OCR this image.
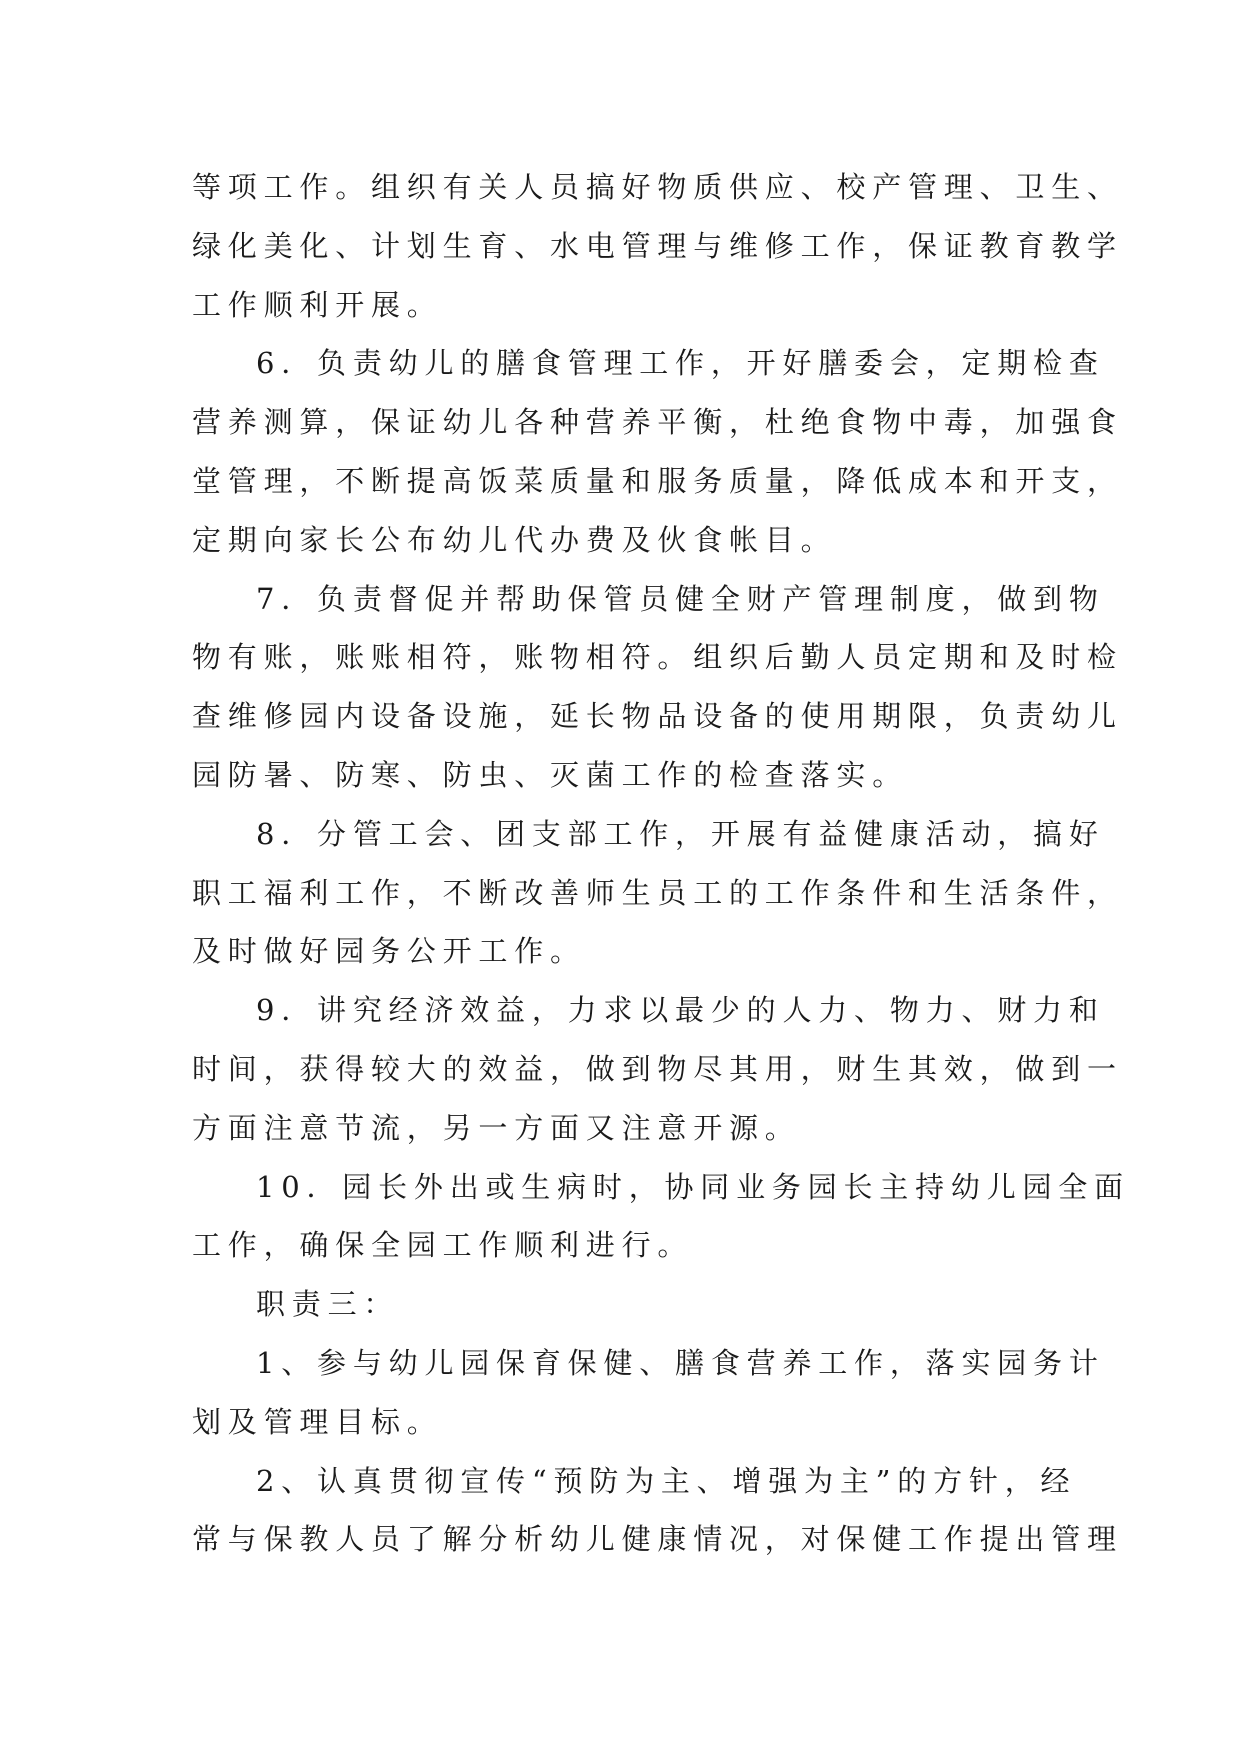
等项工作。组织有关人员搞好物质供应、校产管理、卫生、
绿化美化、计划生育、水电管理与维修工作，保证教育教学
工作顺利开展。
6．负责幼儿的膳食管理工作，开好膳委会，定期检查
营养测算，保证幼儿各种营养平衡，杜绝食物中毒，加强食
堂管理，不断提高饭菜质量和服务质量，降低成本和开支，
定期向家长公布幼儿代办费及伙食帐目。
7．负责督促并帮助保管员健全财产管理制度，做到物
物有账，账账相符，账物相符。组织后勤人员定期和及时检
查维修园内设备设施，延长物品设备的使用期限，负责幼儿
园防暑、防寒、防虫、灭菌工作的检查落实。
8．分管工会、团支部工作，开展有益健康活动，搞好
职工福利工作，不断改善师生员工的工作条件和生活条件，
及时做好园务公开工作。
9．讲究经济效益，力求以最少的人力、物力、财力和
时间，获得较大的效益，做到物尽其用，财生其效，做到一
方面注意节流，另一方面又注意开源。
10．园长外出或生病时，协同业务园长主持幼儿园全面
工作，确保全园工作顺利进行。
职责三：
1、参与幼儿园保育保健、膳食营养工作，落实园务计
划及管理目标。
2、认真贯彻宣传“预防为主、增强为主”的方针，经
常与保教人员了解分析幼儿健康情况，对保健工作提出管理
